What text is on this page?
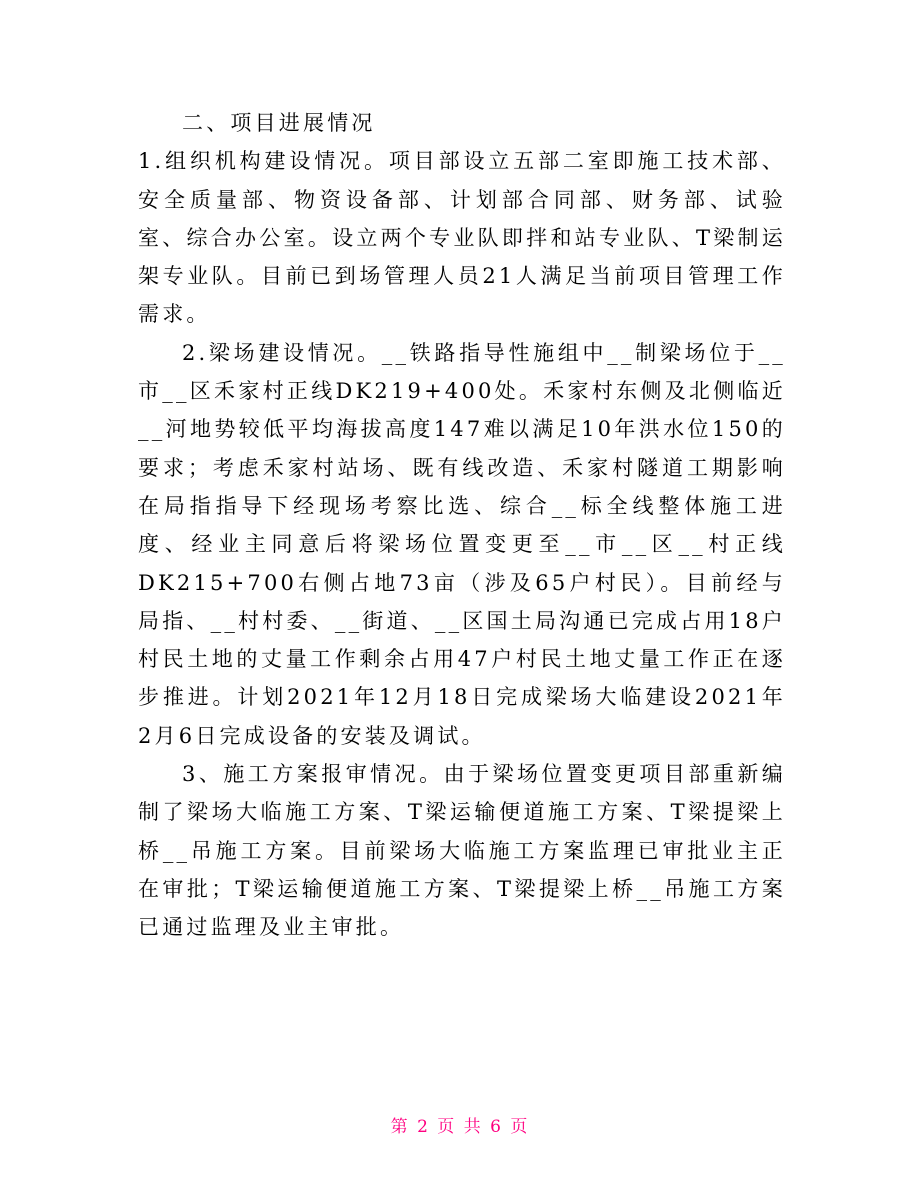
二、项目进展情况

1.组织机构建设情况。项目部设立五部二室即施工技术部、安全质量部、物资设备部、计划部合同部、财务部、试验室、综合办公室。设立两个专业队即拌和站专业队、T梁制运架专业队。目前已到场管理人员21人满足当前项目管理工作需求。

2.梁场建设情况。__铁路指导性施组中__制梁场位于__市__区禾家村正线DK219+400处。禾家村东侧及北侧临近__河地势较低平均海拔高度147难以满足10年洪水位150的要求；考虑禾家村站场、既有线改造、禾家村隧道工期影响在局指指导下经现场考察比选、综合__标全线整体施工进度、经业主同意后将梁场位置变更至__市__区__村正线DK215+700右侧占地73亩（涉及65户村民）。目前经与局指、__村村委、__街道、__区国土局沟通已完成占用18户村民土地的丈量工作剩余占用47户村民土地丈量工作正在逐步推进。计划2021年12月18日完成梁场大临建设2021年2月6日完成设备的安装及调试。

3、施工方案报审情况。由于梁场位置变更项目部重新编制了梁场大临施工方案、T梁运输便道施工方案、T梁提梁上桥__吊施工方案。目前梁场大临施工方案监理已审批业主正在审批；T梁运输便道施工方案、T梁提梁上桥__吊施工方案已通过监理及业主审批。

第 2 页 共 6 页
